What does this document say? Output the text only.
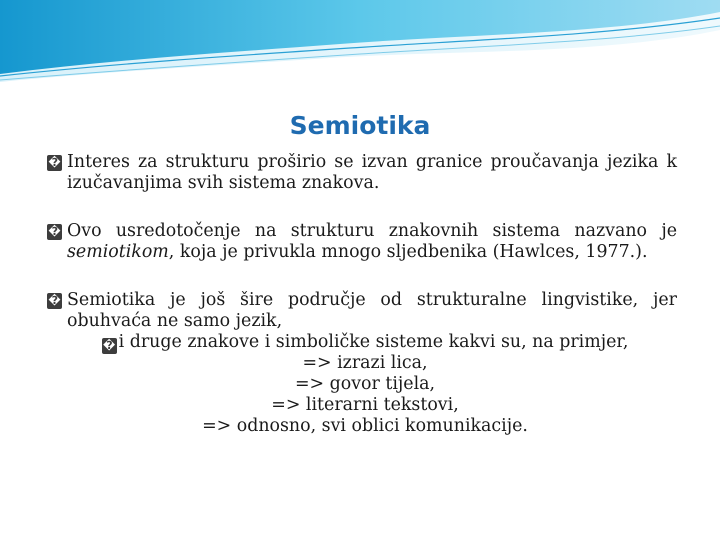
Semiotika
� Interes za strukturu proširio se izvan granice proučavanja jezika k izučavanjima svih sistema znakova.
� Ovo usredotočenje na strukturu znakovnih sistema nazvano je semiotikom, koja je privukla mnogo sljedbenika (Hawlces, 1977.).
� Semiotika je još šire područje od strukturalne lingvistike, jer obuhvaća ne samo jezik,
� i druge znakove i simboličke sisteme kakvi su, na primjer,
=> izrazi lica,
=> govor tijela,
=> literarni tekstovi,
=> odnosno, svi oblici komunikacije.
